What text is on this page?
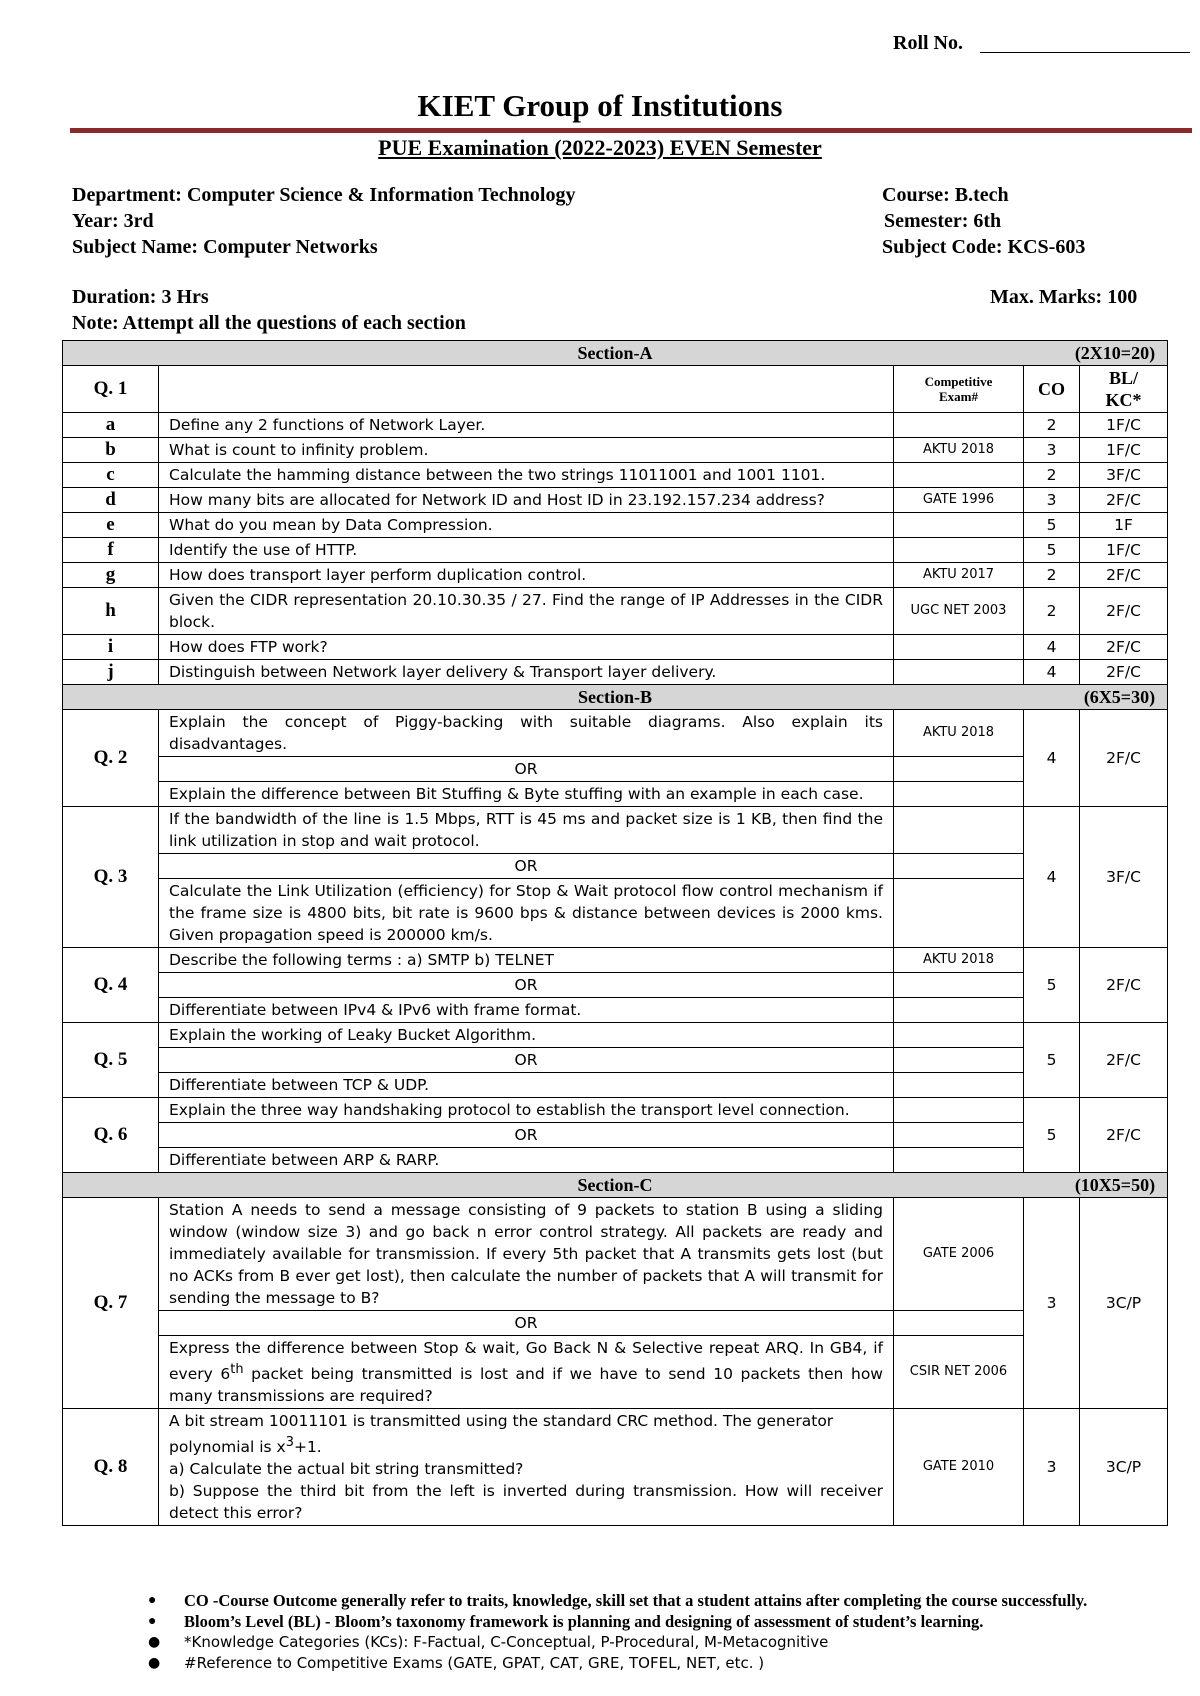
Roll No.
KIET Group of Institutions
PUE Examination (2022-2023) EVEN Semester
Department: Computer Science & Information Technology	Course: B.tech
Year: 3rd	Semester: 6th
Subject Name: Computer Networks	Subject Code: KCS-603
Duration: 3 Hrs	Max. Marks: 100
Note: Attempt all the questions of each section
Section-A (2X10=20)				

Q. 1		Competitive Exam#	CO	BL/ KC*
a	Define any 2 functions of Network Layer.		2	1F/C
b	What is count to infinity problem.	AKTU 2018	3	1F/C
c	Calculate the hamming distance between the two strings 11011001 and 1001 1101.		2	3F/C
d	How many bits are allocated for Network ID and Host ID in 23.192.157.234 address?	GATE 1996	3	2F/C
e	What do you mean by Data Compression.		5	1F
f	Identify the use of HTTP.		5	1F/C
g	How does transport layer perform duplication control.	AKTU 2017	2	2F/C
h	Given the CIDR representation 20.10.30.35 / 27. Find the range of IP Addresses in the CIDR block.	UGC NET 2003	2	2F/C
i	How does FTP work?		4	2F/C
j	Distinguish between Network layer delivery & Transport layer delivery.		4	2F/C
Section-B (6X5=30)				

Q. 2	Explain the concept of Piggy-backing with suitable diagrams. Also explain its disadvantages.	AKTU 2018	4	2F/C
	OR			
	Explain the difference between Bit Stuffing & Byte stuffing with an example in each case.			
Q. 3	If the bandwidth of the line is 1.5 Mbps, RTT is 45 ms and packet size is 1 KB, then find the link utilization in stop and wait protocol.		4	3F/C
	OR			
	Calculate the Link Utilization (efficiency) for Stop & Wait protocol flow control mechanism if the frame size is 4800 bits, bit rate is 9600 bps & distance between devices is 2000 kms. Given propagation speed is 200000 km/s.			
Q. 4	Describe the following terms : a) SMTP b) TELNET	AKTU 2018	5	2F/C
	OR			
	Differentiate between IPv4 & IPv6 with frame format.			
Q. 5	Explain the working of Leaky Bucket Algorithm.		5	2F/C
	OR			
	Differentiate between TCP & UDP.			
Q. 6	Explain the three way handshaking protocol to establish the transport level connection.		5	2F/C
	OR			
	Differentiate between ARP & RARP.			
Section-C (10X5=50)				

Q. 7	Station A needs to send a message consisting of 9 packets to station B using a sliding window (window size 3) and go back n error control strategy. All packets are ready and immediately available for transmission. If every 5th packet that A transmits gets lost (but no ACKs from B ever get lost), then calculate the number of packets that A will transmit for sending the message to B?	GATE 2006	3	3C/P
	OR			
	Express the difference between Stop & wait, Go Back N & Selective repeat ARQ. In GB4, if every 6th packet being transmitted is lost and if we have to send 10 packets then how many transmissions are required?	CSIR NET 2006		
Q. 8	A bit stream 10011101 is transmitted using the standard CRC method. The generator
polynomial is $x^3+1$.
a) Calculate the actual bit string transmitted?
b) Suppose the third bit from the left is inverted during transmission. How will receiver detect this error?	GATE 2010	3	3C/P
● CO -Course Outcome generally refer to traits, knowledge, skill set that a student attains after completing the course successfully.
● Bloom’s Level (BL) - Bloom’s taxonomy framework is planning and designing of assessment of student’s learning.
● *Knowledge Categories (KCs): F-Factual, C-Conceptual, P-Procedural, M-Metacognitive
● #Reference to Competitive Exams (GATE, GPAT, CAT, GRE, TOFEL, NET, etc. )
